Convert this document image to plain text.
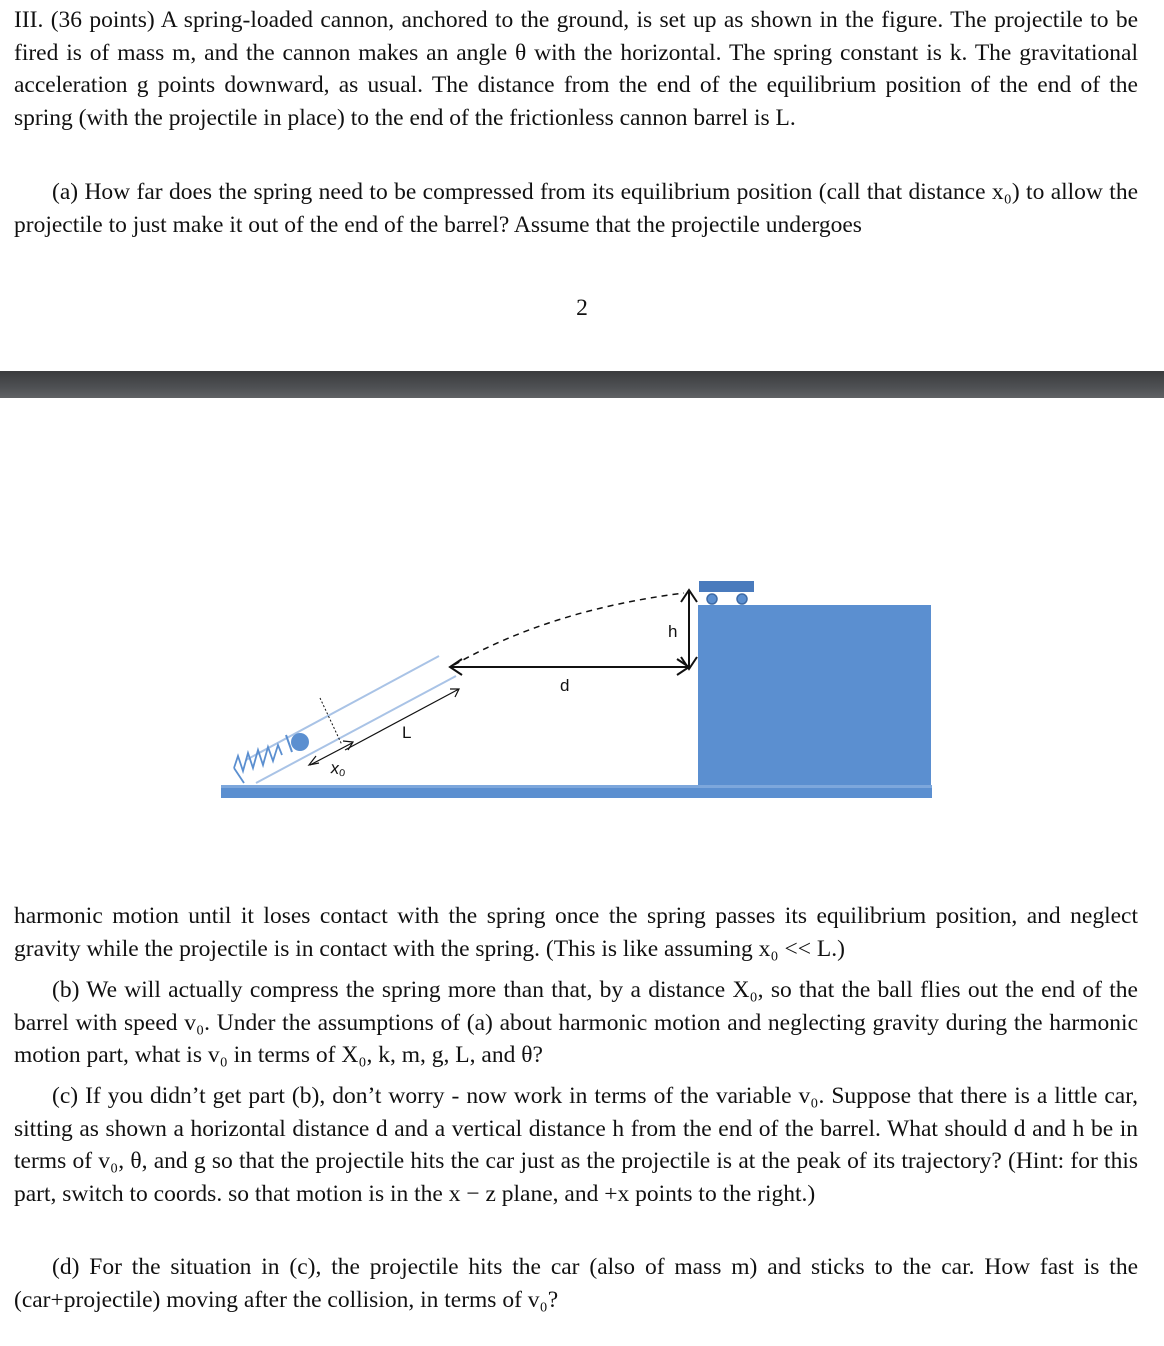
III. (36 points) A spring-loaded cannon, anchored to the ground, is set up as shown in the figure. The projectile to be fired is of mass m, and the cannon makes an angle θ with the horizontal. The spring constant is k. The gravitational acceleration g points downward, as usual. The distance from the end of the equilibrium position of the end of the spring (with the projectile in place) to the end of the frictionless cannon barrel is L.

(a) How far does the spring need to be compressed from its equilibrium position (call that distance x₀) to allow the projectile to just make it out of the end of the barrel? Assume that the projectile undergoes

2
x₀
L
d
h

harmonic motion until it loses contact with the spring once the spring passes its equilibrium position, and neglect gravity while the projectile is in contact with the spring. (This is like assuming x₀ << L.)

(b) We will actually compress the spring more than that, by a distance X₀, so that the ball flies out the end of the barrel with speed v₀. Under the assumptions of (a) about harmonic motion and neglecting gravity during the harmonic motion part, what is v₀ in terms of X₀, k, m, g, L, and θ?

(c) If you didn’t get part (b), don’t worry - now work in terms of the variable v₀. Suppose that there is a little car, sitting as shown a horizontal distance d and a vertical distance h from the end of the barrel. What should d and h be in terms of v₀, θ, and g so that the projectile hits the car just as the projectile is at the peak of its trajectory? (Hint: for this part, switch to coords. so that motion is in the x − z plane, and +x points to the right.)

(d) For the situation in (c), the projectile hits the car (also of mass m) and sticks to the car. How fast is the (car+projectile) moving after the collision, in terms of v₀?
